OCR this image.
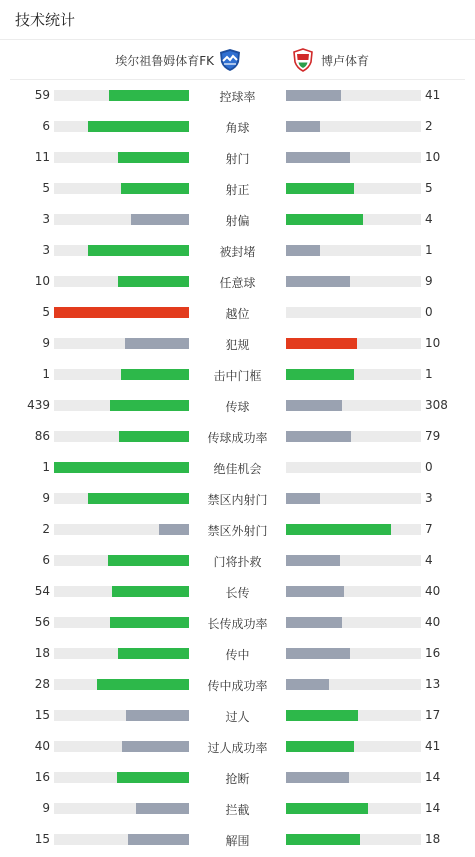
技术统计
埃尔祖鲁姆体育FK	博卢体育
59	控球率	41
6	角球	2
11	射门	10
5	射正	5
3	射偏	4
3	被封堵	1
10	任意球	9
5	越位	0
9	犯规	10
1	击中门框	1
439	传球	308
86	传球成功率	79
1	绝佳机会	0
9	禁区内射门	3
2	禁区外射门	7
6	门将扑救	4
54	长传	40
56	长传成功率	40
18	传中	16
28	传中成功率	13
15	过人	17
40	过人成功率	41
16	抢断	14
9	拦截	14
15	解围	18
